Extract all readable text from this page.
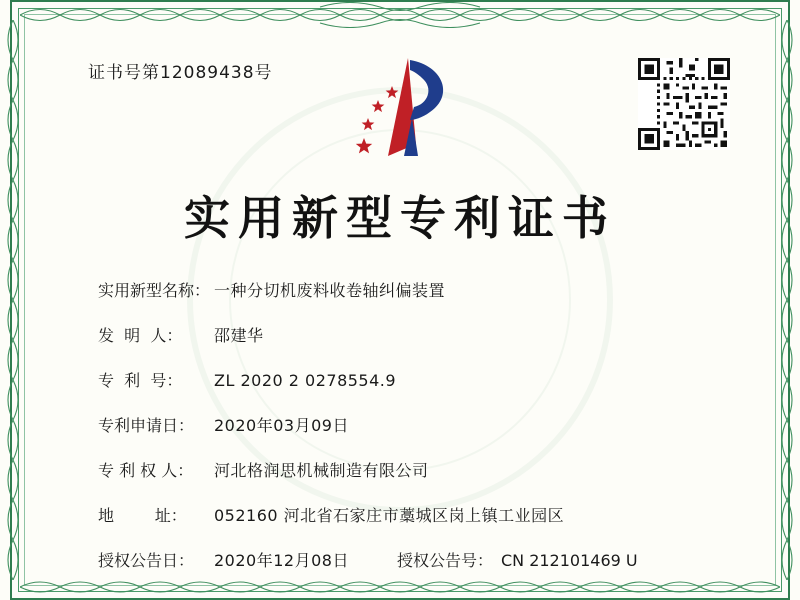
证书号第12089438号
实用新型专利证书
实用新型名称： 一种分切机废料收卷轴纠偏装置
发  明  人：	邵建华
专  利  号：	ZL 2020 2 0278554.9
专利申请日：	2020年03月09日
专 利 权 人：	河北格润思机械制造有限公司
地        址：	052160 河北省石家庄市藁城区岗上镇工业园区
授权公告日：	2020年12月08日	授权公告号： CN 212101469 U
